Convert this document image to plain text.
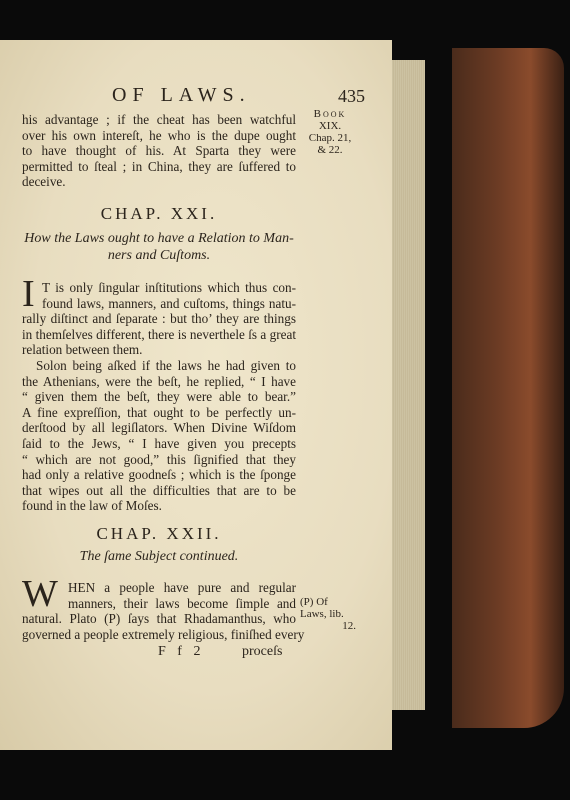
OF LAWS.	435
Book
XIX.
Chap. 21,
& 22.
his advantage ; if the cheat has been watchful
over his own intereſt, he who is the dupe ought
to have thought of his. At Sparta they were
permitted to ſteal ; in China, they are ſuffered to
deceive.
CHAP. XXI.
How the Laws ought to have a Relation to Man-
ners and Cuſtoms.
I T is only ſingular inſtitutions which thus con-
found laws, manners, and cuſtoms, things natu-
rally diſtinct and ſeparate : but tho’ they are things
in themſelves different, there is neverthele ſs a great
relation between them.
Solon being aſked if the laws he had given to
the Athenians, were the beſt, he replied, “ I have
“ given them the beſt, they were able to bear.”
A fine expreſſion, that ought to be perfectly un-
derſtood by all legiſlators. When Divine Wiſdom
ſaid to the Jews, “ I have given you precepts
“ which are not good,” this ſignified that they
had only a relative goodneſs ; which is the ſponge
that wipes out all the difficulties that are to be
found in the law of Moſes.
CHAP. XXII.
The ſame Subject continued.
W HEN a people have pure and regular
manners, their laws become ſimple and
natural. Plato (P) ſays that Rhadamanthus, who
governed a people extremely religious, finiſhed every
(P) Of
Laws, lib.
12.
F f 2	proceſs
